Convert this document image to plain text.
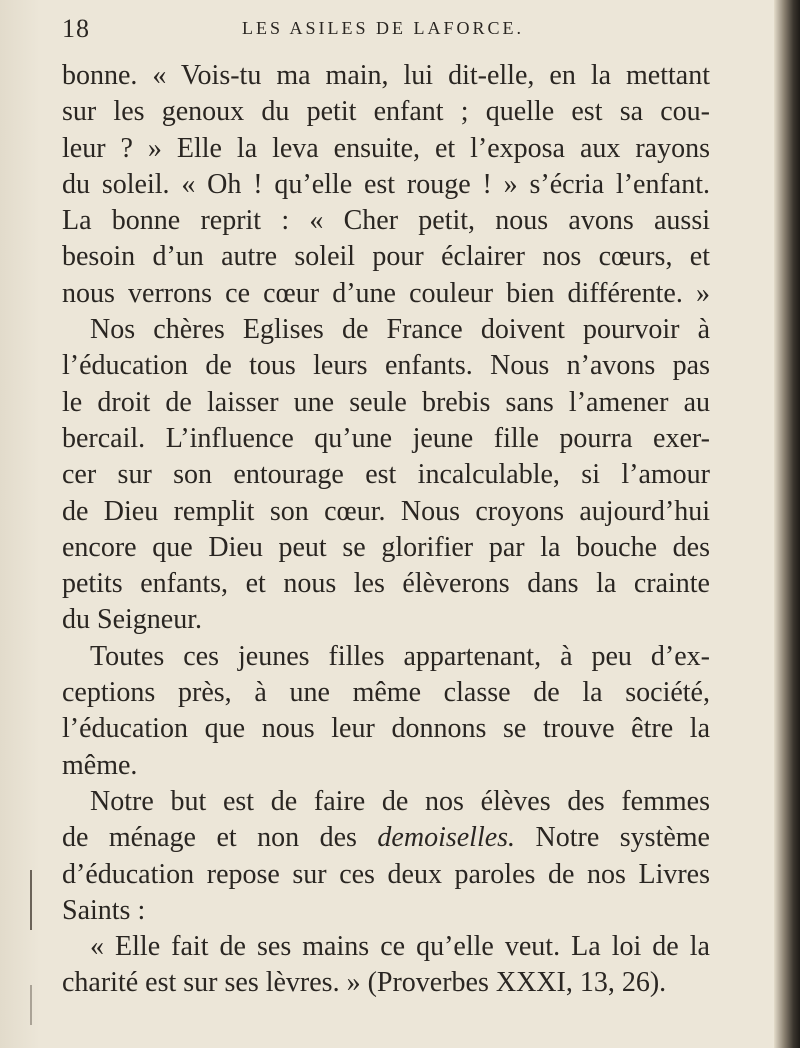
18	LES ASILES DE LAFORCE.
bonne. « Vois-tu ma main, lui dit-elle, en la mettant
sur les genoux du petit enfant ; quelle est sa cou-
leur ? » Elle la leva ensuite, et l’exposa aux rayons
du soleil. « Oh ! qu’elle est rouge ! » s’écria l’enfant.
La bonne reprit : « Cher petit, nous avons aussi
besoin d’un autre soleil pour éclairer nos cœurs, et
nous verrons ce cœur d’une couleur bien différente. »
Nos chères Eglises de France doivent pourvoir à
l’éducation de tous leurs enfants. Nous n’avons pas
le droit de laisser une seule brebis sans l’amener au
bercail. L’influence qu’une jeune fille pourra exer-
cer sur son entourage est incalculable, si l’amour
de Dieu remplit son cœur. Nous croyons aujourd’hui
encore que Dieu peut se glorifier par la bouche des
petits enfants, et nous les élèverons dans la crainte
du Seigneur.
Toutes ces jeunes filles appartenant, à peu d’ex-
ceptions près, à une même classe de la société,
l’éducation que nous leur donnons se trouve être la
même.
Notre but est de faire de nos élèves des femmes
de ménage et non des demoiselles. Notre système
d’éducation repose sur ces deux paroles de nos Livres
Saints :
« Elle fait de ses mains ce qu’elle veut. La loi de la
charité est sur ses lèvres. » (Proverbes XXXI, 13, 26).
